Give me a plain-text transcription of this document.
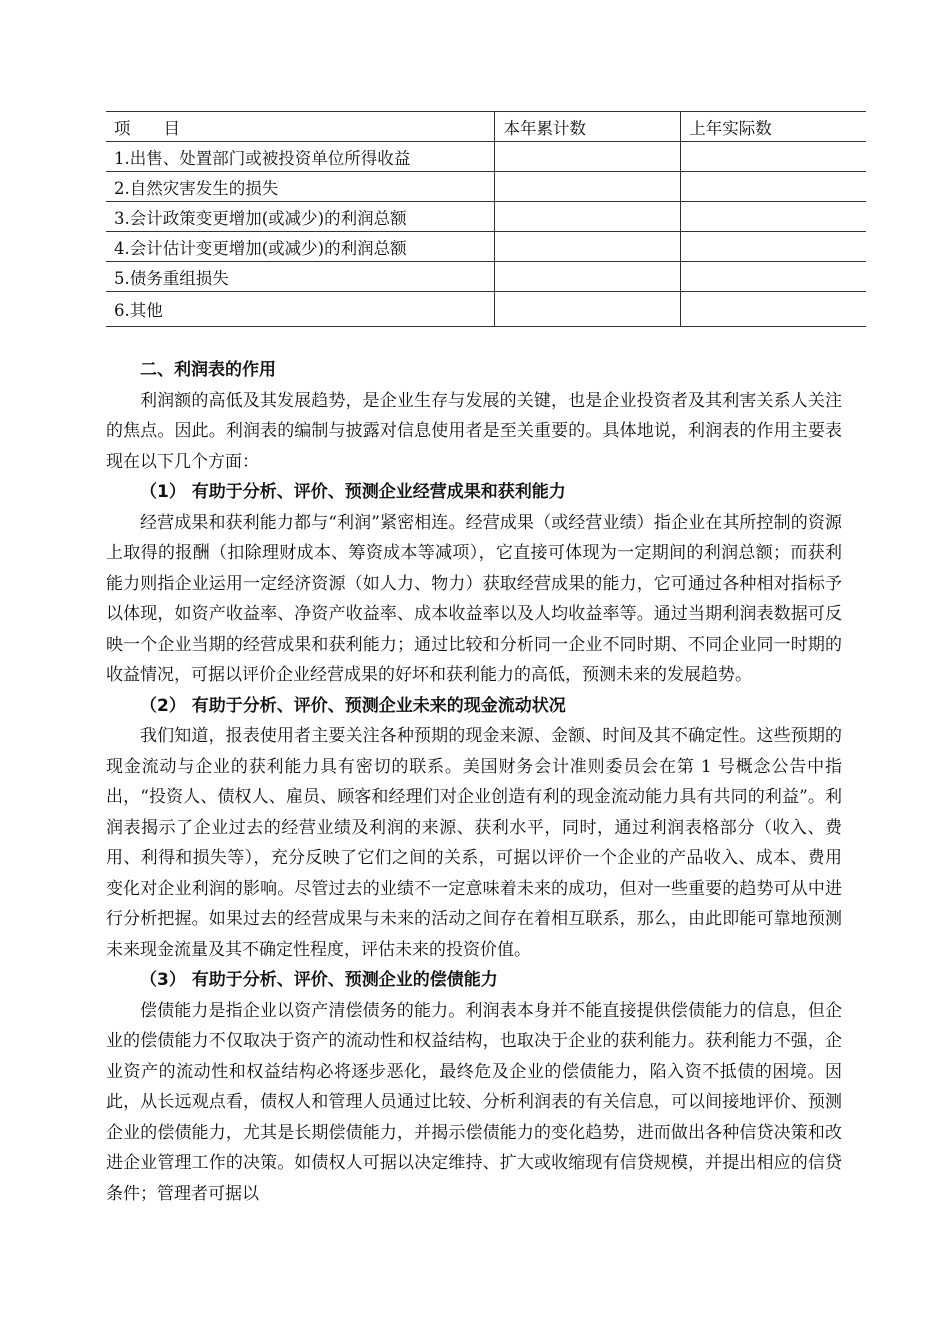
项　　目	本年累计数	上年实际数
1.出售、处置部门或被投资单位所得收益		
2.自然灾害发生的损失		
3.会计政策变更增加(或减少)的利润总额		
4.会计估计变更增加(或减少)的利润总额		
5.债务重组损失		
6.其他		
二、利润表的作用

利润额的高低及其发展趋势，是企业生存与发展的关键，也是企业投资者及其利害关系人关注的焦点。因此。利润表的编制与披露对信息使用者是至关重要的。具体地说，利润表的作用主要表现在以下几个方面：

（1） 有助于分析、评价、预测企业经营成果和获利能力

经营成果和获利能力都与“利润”紧密相连。经营成果（或经营业绩）指企业在其所控制的资源上取得的报酬（扣除理财成本、筹资成本等减项），它直接可体现为一定期间的利润总额；而获利能力则指企业运用一定经济资源（如人力、物力）获取经营成果的能力，它可通过各种相对指标予以体现，如资产收益率、净资产收益率、成本收益率以及人均收益率等。通过当期利润表数据可反映一个企业当期的经营成果和获利能力；通过比较和分析同一企业不同时期、不同企业同一时期的收益情况，可据以评价企业经营成果的好坏和获利能力的高低，预测未来的发展趋势。

（2） 有助于分析、评价、预测企业未来的现金流动状况

我们知道，报表使用者主要关注各种预期的现金来源、金额、时间及其不确定性。这些预期的现金流动与企业的获利能力具有密切的联系。美国财务会计准则委员会在第 1 号概念公告中指出，“投资人、债权人、雇员、顾客和经理们对企业创造有利的现金流动能力具有共同的利益”。利润表揭示了企业过去的经营业绩及利润的来源、获利水平，同时，通过利润表格部分（收入、费用、利得和损失等），充分反映了它们之间的关系，可据以评价一个企业的产品收入、成本、费用变化对企业利润的影响。尽管过去的业绩不一定意味着未来的成功，但对一些重要的趋势可从中进行分析把握。如果过去的经营成果与未来的活动之间存在着相互联系，那么，由此即能可靠地预测未来现金流量及其不确定性程度，评估未来的投资价值。

（3） 有助于分析、评价、预测企业的偿债能力

偿债能力是指企业以资产清偿债务的能力。利润表本身并不能直接提供偿债能力的信息，但企业的偿债能力不仅取决于资产的流动性和权益结构，也取决于企业的获利能力。获利能力不强，企业资产的流动性和权益结构必将逐步恶化，最终危及企业的偿债能力，陷入资不抵债的困境。因此，从长远观点看，债权人和管理人员通过比较、分析利润表的有关信息，可以间接地评价、预测企业的偿债能力，尤其是长期偿债能力，并揭示偿债能力的变化趋势，进而做出各种信贷决策和改进企业管理工作的决策。如债权人可据以决定维持、扩大或收缩现有信贷规模，并提出相应的信贷条件；管理者可据以
